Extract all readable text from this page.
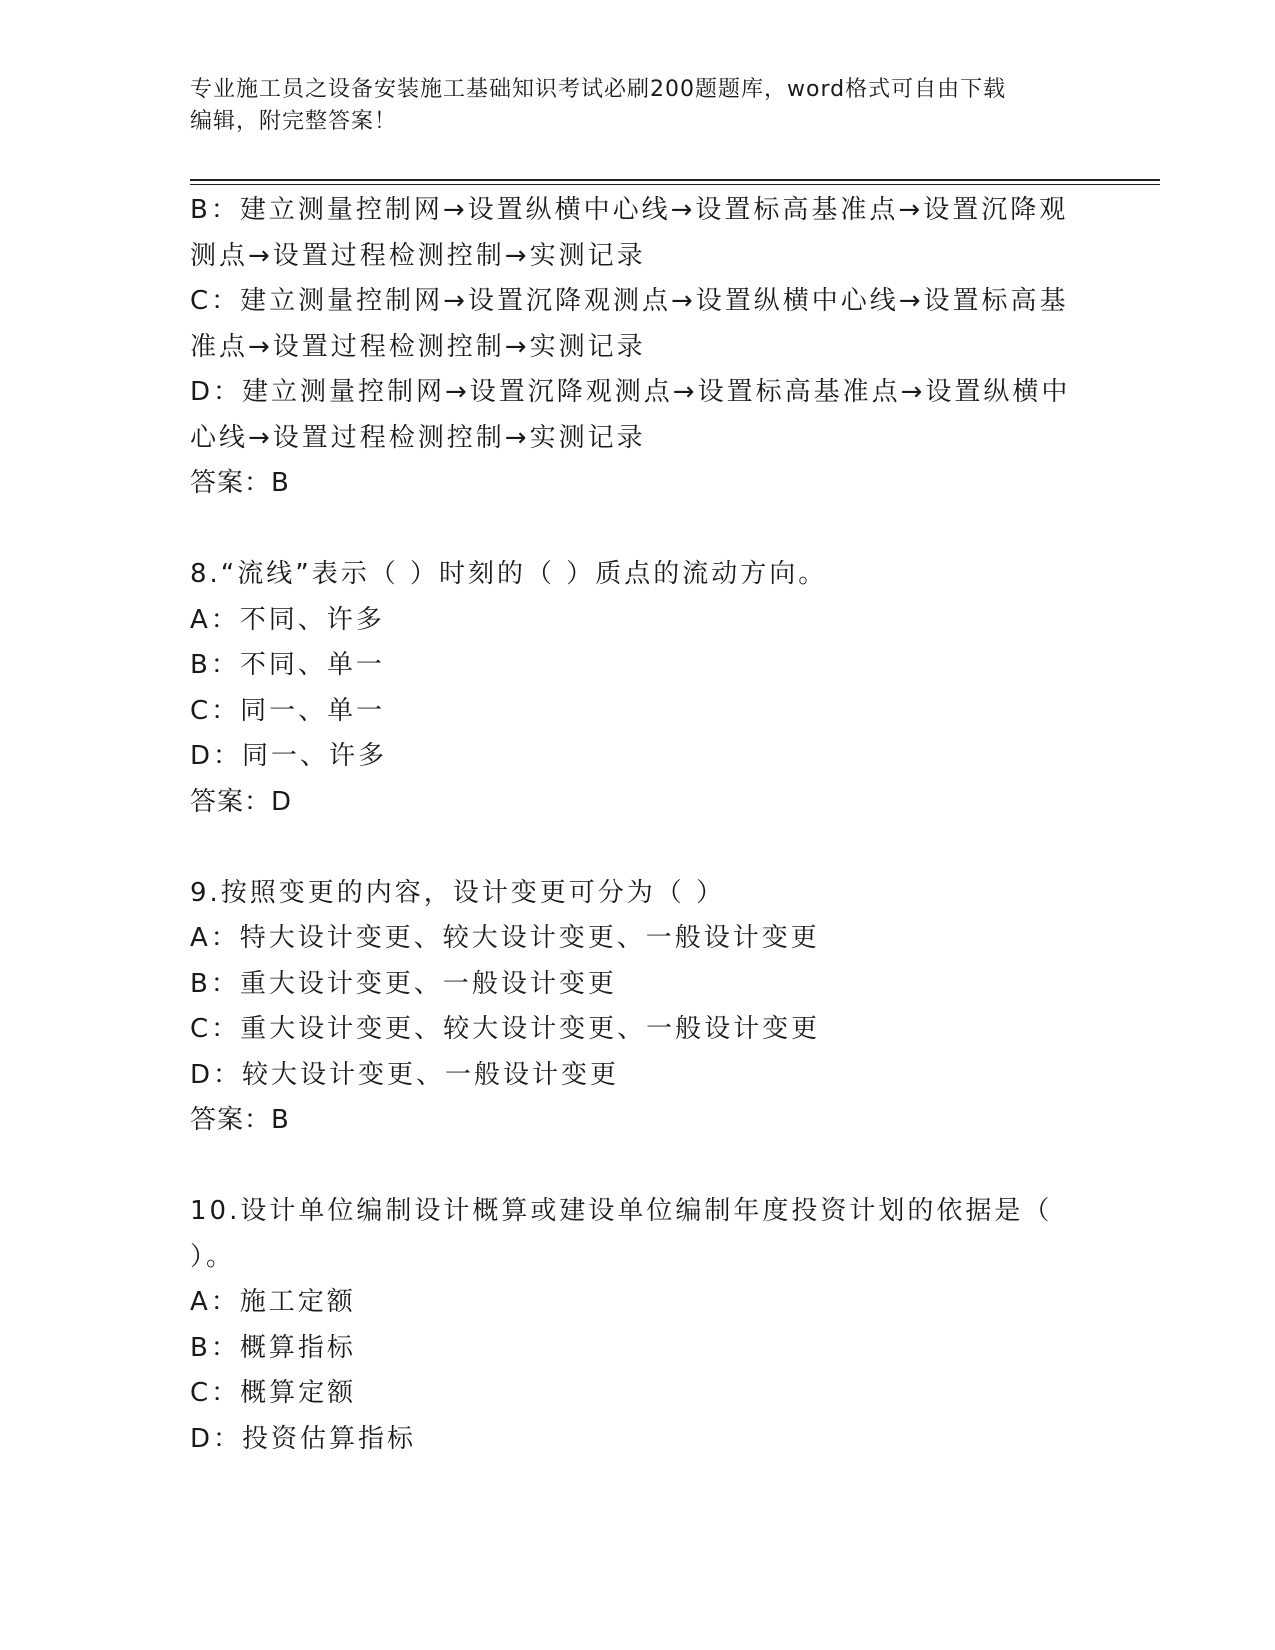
专业施工员之设备安装施工基础知识考试必刷200题题库，word格式可自由下载
编辑，附完整答案！
B：建立测量控制网→设置纵横中心线→设置标高基准点→设置沉降观
测点→设置过程检测控制→实测记录
C：建立测量控制网→设置沉降观测点→设置纵横中心线→设置标高基
准点→设置过程检测控制→实测记录
D：建立测量控制网→设置沉降观测点→设置标高基准点→设置纵横中
心线→设置过程检测控制→实测记录
答案：B
8.“流线”表示（ ）时刻的（ ）质点的流动方向。
A：不同、许多
B：不同、单一
C：同一、单一
D：同一、许多
答案：D
9.按照变更的内容，设计变更可分为（ ）
A：特大设计变更、较大设计变更、一般设计变更
B：重大设计变更、一般设计变更
C：重大设计变更、较大设计变更、一般设计变更
D：较大设计变更、一般设计变更
答案：B
10.设计单位编制设计概算或建设单位编制年度投资计划的依据是（
）。
A：施工定额
B：概算指标
C：概算定额
D：投资估算指标
